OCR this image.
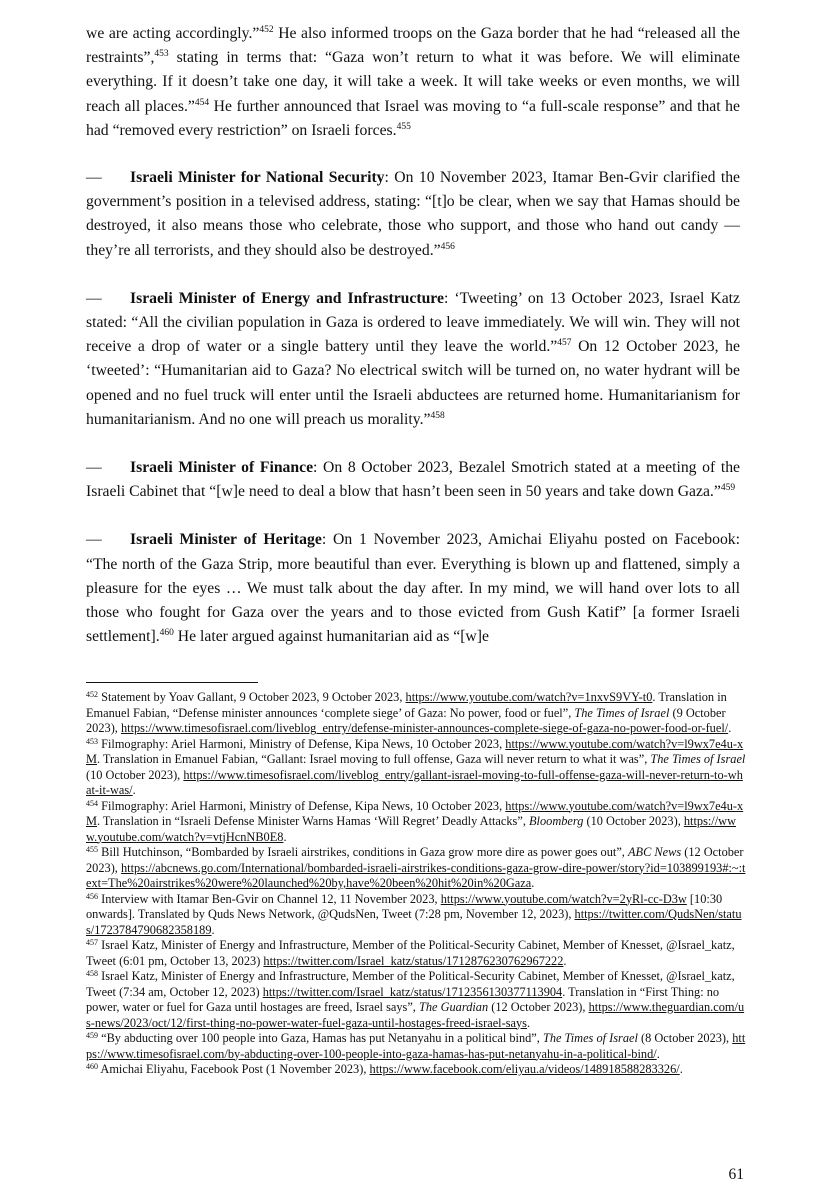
we are acting accordingly.”$^{452}$ He also informed troops on the Gaza border that he had “released all the restraints”,$^{453}$ stating in terms that: “Gaza won’t return to what it was before. We will eliminate everything. If it doesn’t take one day, it will take a week. It will take weeks or even months, we will reach all places.”$^{454}$ He further announced that Israel was moving to “a full-scale response” and that he had “removed every restriction” on Israeli forces.$^{455}$

— Israeli Minister for National Security: On 10 November 2023, Itamar Ben-Gvir clarified the government’s position in a televised address, stating: “[t]o be clear, when we say that Hamas should be destroyed, it also means those who celebrate, those who support, and those who hand out candy — they’re all terrorists, and they should also be destroyed.”$^{456}$

— Israeli Minister of Energy and Infrastructure: ‘Tweeting’ on 13 October 2023, Israel Katz stated: “All the civilian population in Gaza is ordered to leave immediately. We will win. They will not receive a drop of water or a single battery until they leave the world.”$^{457}$ On 12 October 2023, he ‘tweeted’: “Humanitarian aid to Gaza? No electrical switch will be turned on, no water hydrant will be opened and no fuel truck will enter until the Israeli abductees are returned home. Humanitarianism for humanitarianism. And no one will preach us morality.”$^{458}$

— Israeli Minister of Finance: On 8 October 2023, Bezalel Smotrich stated at a meeting of the Israeli Cabinet that “[w]e need to deal a blow that hasn’t been seen in 50 years and take down Gaza.”$^{459}$

— Israeli Minister of Heritage: On 1 November 2023, Amichai Eliyahu posted on Facebook: “The north of the Gaza Strip, more beautiful than ever. Everything is blown up and flattened, simply a pleasure for the eyes … We must talk about the day after. In my mind, we will hand over lots to all those who fought for Gaza over the years and to those evicted from Gush Katif” [a former Israeli settlement].$^{460}$ He later argued against humanitarian aid as “[w]e

$^{452}$ Statement by Yoav Gallant, 9 October 2023, 9 October 2023, https://www.youtube.com/watch?v=1nxvS9VY-t0. Translation in Emanuel Fabian, “Defense minister announces ‘complete siege’ of Gaza: No power, food or fuel”, The Times of Israel (9 October 2023), https://www.timesofisrael.com/liveblog_entry/defense-minister-announces-complete-siege-of-gaza-no-power-food-or-fuel/.

$^{453}$ Filmography: Ariel Harmoni, Ministry of Defense, Kipa News, 10 October 2023, https://www.youtube.com/watch?v=l9wx7e4u-xM. Translation in Emanuel Fabian, “Gallant: Israel moving to full offense, Gaza will never return to what it was”, The Times of Israel (10 October 2023), https://www.timesofisrael.com/liveblog_entry/gallant-israel-moving-to-full-offense-gaza-will-never-return-to-what-it-was/.

$^{454}$ Filmography: Ariel Harmoni, Ministry of Defense, Kipa News, 10 October 2023, https://www.youtube.com/watch?v=l9wx7e4u-xM. Translation in “Israeli Defense Minister Warns Hamas ‘Will Regret’ Deadly Attacks”, Bloomberg (10 October 2023), https://www.youtube.com/watch?v=vtjHcnNB0E8.

$^{455}$ Bill Hutchinson, “Bombarded by Israeli airstrikes, conditions in Gaza grow more dire as power goes out”, ABC News (12 October 2023), https://abcnews.go.com/International/bombarded-israeli-airstrikes-conditions-gaza-grow-dire-power/story?id=103899193#:~:text=The%20airstrikes%20were%20launched%20by,have%20been%20hit%20in%20Gaza.

$^{456}$ Interview with Itamar Ben-Gvir on Channel 12, 11 November 2023, https://www.youtube.com/watch?v=2yRl-cc-D3w [10:30 onwards]. Translated by Quds News Network, @QudsNen, Tweet (7:28 pm, November 12, 2023), https://twitter.com/QudsNen/status/1723784790682358189.

$^{457}$ Israel Katz, Minister of Energy and Infrastructure, Member of the Political-Security Cabinet, Member of Knesset, @Israel_katz, Tweet (6:01 pm, October 13, 2023) https://twitter.com/Israel_katz/status/1712876230762967222.

$^{458}$ Israel Katz, Minister of Energy and Infrastructure, Member of the Political-Security Cabinet, Member of Knesset, @Israel_katz, Tweet (7:34 am, October 12, 2023) https://twitter.com/Israel_katz/status/1712356130377113904. Translation in “First Thing: no power, water or fuel for Gaza until hostages are freed, Israel says”, The Guardian (12 October 2023), https://www.theguardian.com/us-news/2023/oct/12/first-thing-no-power-water-fuel-gaza-until-hostages-freed-israel-says.

$^{459}$ “By abducting over 100 people into Gaza, Hamas has put Netanyahu in a political bind”, The Times of Israel (8 October 2023), https://www.timesofisrael.com/by-abducting-over-100-people-into-gaza-hamas-has-put-netanyahu-in-a-political-bind/.

$^{460}$ Amichai Eliyahu, Facebook Post (1 November 2023), https://www.facebook.com/eliyau.a/videos/148918588283326/.

61
